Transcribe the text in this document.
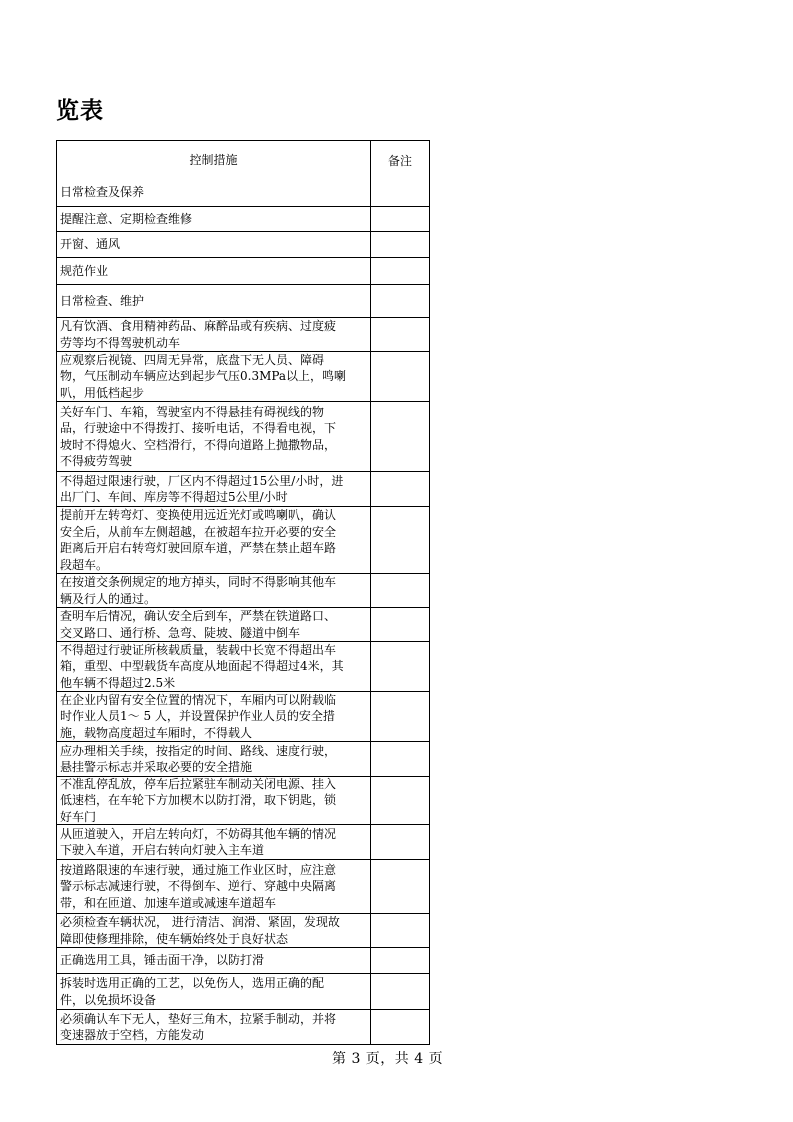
览表
控制措施	备注
日常检查及保养
提醒注意、定期检查维修
开窗、通风
规范作业
日常检查、维护
凡有饮酒、食用精神药品、麻醉品或有疾病、过度疲
劳等均不得驾驶机动车
应观察后视镜、四周无异常，底盘下无人员、障碍
物，气压制动车辆应达到起步气压0.3MPa以上，鸣喇
叭，用低档起步
关好车门、车箱，驾驶室内不得悬挂有碍视线的物
品，行驶途中不得拨打、接听电话，不得看电视，下
坡时不得熄火、空档滑行，不得向道路上抛撒物品，
不得疲劳驾驶
不得超过限速行驶，厂区内不得超过15公里/小时，进
出厂门、车间、库房等不得超过5公里/小时
提前开左转弯灯、变换使用远近光灯或鸣喇叭，确认
安全后，从前车左侧超越，在被超车拉开必要的安全
距离后开启右转弯灯驶回原车道，严禁在禁止超车路
段超车。
在按道交条例规定的地方掉头，同时不得影响其他车
辆及行人的通过。
查明车后情况，确认安全后到车，严禁在铁道路口、
交叉路口、通行桥、急弯、陡坡、隧道中倒车
不得超过行驶证所核载质量，装载中长宽不得超出车
箱，重型、中型载货车高度从地面起不得超过4米，其
他车辆不得超过2.5米
在企业内留有安全位置的情况下，车厢内可以附载临
时作业人员1～ 5 人，并设置保护作业人员的安全措
施，载物高度超过车厢时，不得载人
应办理相关手续，按指定的时间、路线、速度行驶，
悬挂警示标志并采取必要的安全措施
不准乱停乱放，停车后拉紧驻车制动关闭电源、挂入
低速档，在车轮下方加楔木以防打滑，取下钥匙，锁
好车门
从匝道驶入，开启左转向灯，不妨碍其他车辆的情况
下驶入车道，开启右转向灯驶入主车道
按道路限速的车速行驶，通过施工作业区时，应注意
警示标志减速行驶，不得倒车、逆行、穿越中央隔离
带，和在匝道、加速车道或减速车道超车
必须检查车辆状况， 进行清洁、润滑、紧固，发现故
障即使修理排除，使车辆始终处于良好状态
正确选用工具，锤击面干净，以防打滑
拆装时选用正确的工艺，以免伤人，选用正确的配
件，以免损坏设备
必须确认车下无人，垫好三角木，拉紧手制动，并将
变速器放于空档，方能发动
第 3 页，共 4 页
